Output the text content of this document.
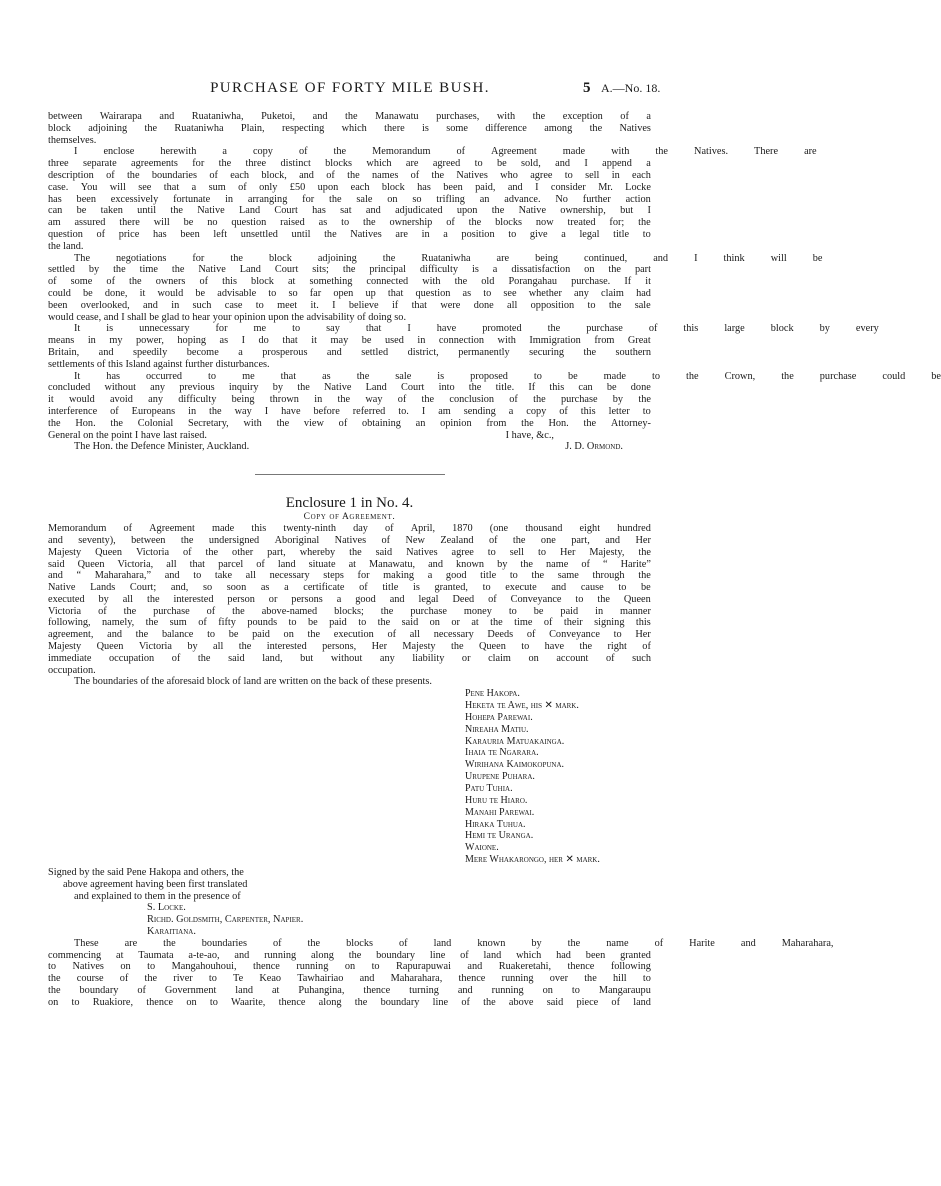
PURCHASE OF FORTY MILE BUSH.	5 A.—No. 18.
between Wairarapa and Ruataniwha, Puketoi, and the Manawatu purchases, with the exception of a
block adjoining the Ruataniwha Plain, respecting which there is some difference among the Natives
themselves.
I	enclose	herewith	a	copy	of	the	Memorandum	of	Agreement	made	with	the	Natives.	There	are
three separate agreements for the three distinct blocks which are agreed to be sold, and I append a
description of the boundaries of each block, and of the names of the Natives who agree to sell in each
case. You will see that a sum of only £50 upon each block has been paid, and I consider Mr. Locke
has been excessively fortunate in arranging for the sale on so trifling an advance. No further action
can be taken until the Native Land Court has sat and adjudicated upon the Native ownership, but I
am assured there will be no question raised as to the ownership of the blocks now treated for; the
question of price has been left unsettled until the Natives are in a position to give a legal title to
the land.
The	negotiations	for	the	block	adjoining	the	Ruataniwha	are	being	continued,	and	I	think	will	be
settled by the time the Native Land Court sits; the principal difficulty is a dissatisfaction on the part
of some of the owners of this block at something connected with the old Porangahau purchase. If it
could be done, it would be advisable to so far open up that question as to see whether any claim had
been overlooked, and in such case to meet it. I believe if that were done all opposition to the sale
would cease, and I shall be glad to hear your opinion upon the advisability of doing so.
It	is	unnecessary	for	me	to	say	that	I	have	promoted	the	purchase	of	this	large	block	by	every
means in my power, hoping as I do that it may be used in connection with Immigration from Great
Britain, and speedily become a prosperous and settled district, permanently securing the southern
settlements of this Island against further disturbances.
It	has	occurred	to	me	that	as	the	sale	is	proposed	to	be	made	to	the	Crown,	the	purchase	could	be
concluded without any previous inquiry by the Native Land Court into the title. If this can be done
it would avoid any difficulty being thrown in the way of the conclusion of the purchase by the
interference of Europeans in the way I have before referred to. I am sending a copy of this letter to
the Hon. the Colonial Secretary, with the view of obtaining an opinion from the Hon. the Attorney-
General on the point I have last raised.	I have, &c.,
The Hon. the Defence Minister, Auckland.	J. D. Ormond.

Enclosure 1 in No. 4.

Copy of Agreement.

Memorandum of Agreement made this twenty-ninth day of April, 1870 (one thousand eight hundred
and seventy), between the undersigned Aboriginal Natives of New Zealand of the one part, and Her
Majesty Queen Victoria of the other part, whereby the said Natives agree to sell to Her Majesty, the
said Queen Victoria, all that parcel of land situate at Manawatu, and known by the name of “ Harite”
and “ Maharahara,” and to take all necessary steps for making a good title to the same through the
Native Lands Court; and, so soon as a certificate of title is granted, to execute and cause to be
executed by all the interested person or persons a good and legal Deed of Conveyance to the Queen
Victoria of the purchase of the above-named blocks; the purchase money to be paid in manner
following, namely, the sum of fifty pounds to be paid to the said on or at the time of their signing this
agreement, and the balance to be paid on the execution of all necessary Deeds of Conveyance to Her
Majesty Queen Victoria by all the interested persons, Her Majesty the Queen to have the right of
immediate occupation of the said land, but without any liability or claim on account of such
occupation.
The boundaries of the aforesaid block of land are written on the back of these presents.
Pene Hakopa.
Heketa te Awe, his ✕ mark.
Hohepa Parewai.
Nireaha Matiu.
Karauria Matuakainga.
Ihaia te Ngarara.
Wirihana Kaimokopuna.
Urupene Puhara.
Patu Tuhia.
Huru te Hiaro.
Manahi Parewai.
Hiraka Tuhua.
Hemi te Uranga.
Waione.
Mere Whakarongo, her ✕ mark.
Signed by the said Pene Hakopa and others, the
above agreement having been first translated
and explained to them in the presence of
S. Locke.
Richd. Goldsmith, Carpenter, Napier.
Karaitiana.
These	are	the	boundaries	of	the	blocks	of	land	known	by	the	name	of	Harite	and	Maharahara,
commencing at Taumata a-te-ao, and running along the boundary line of land which had been granted
to Natives on to Mangahouhoui, thence running on to Rapurapuwai and Ruakeretahi, thence following
the course of the river to Te Keao Tawhairiao and Maharahara, thence running over the hill to
the boundary of Government land at Puhangina, thence turning and running on to Mangaraupu
on to Ruakiore, thence on to Waarite, thence along the boundary line of the above said piece of land
